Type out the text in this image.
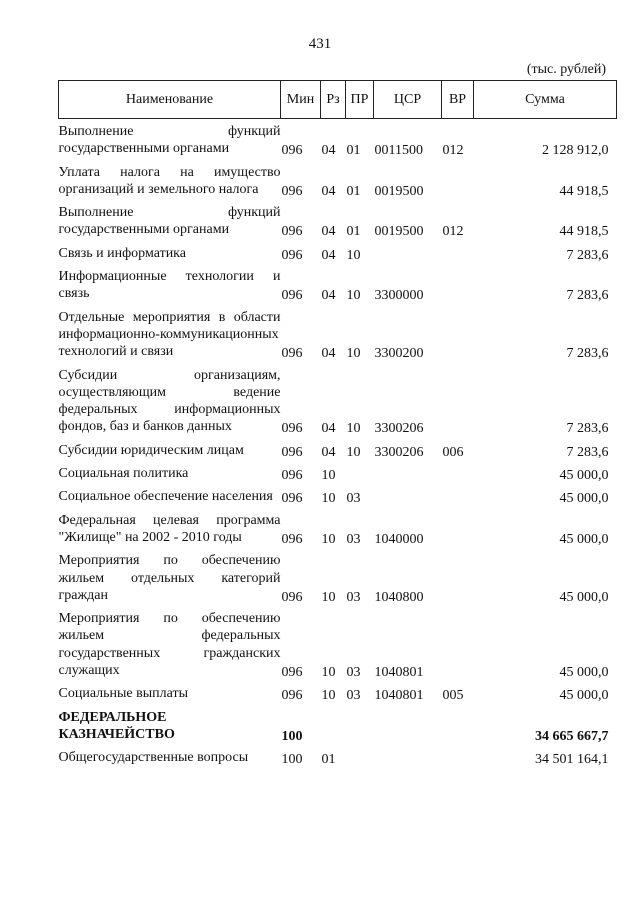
431
(тыс. рублей)
Наименование	Мин	Рз	ПР	ЦСР	ВР	Сумма
Выполнение функций государственными органами	096	04	01	0011500	012	2 128 912,0
Уплата налога на имущество организаций и земельного налога	096	04	01	0019500		44 918,5
Выполнение функций государственными органами	096	04	01	0019500	012	44 918,5
Связь и информатика	096	04	10			7 283,6
Информационные технологии и связь	096	04	10	3300000		7 283,6
Отдельные мероприятия в области информационно-коммуникационных технологий и связи	096	04	10	3300200		7 283,6
Субсидии организациям, осуществляющим ведение федеральных информационных фондов, баз и банков данных	096	04	10	3300206		7 283,6
Субсидии юридическим лицам	096	04	10	3300206	006	7 283,6
Социальная политика	096	10				45 000,0
Социальное обеспечение населения	096	10	03			45 000,0
Федеральная целевая программа "Жилище" на 2002 - 2010 годы	096	10	03	1040000		45 000,0
Мероприятия по обеспечению жильем отдельных категорий граждан	096	10	03	1040800		45 000,0
Мероприятия по обеспечению жильем федеральных государственных гражданских служащих	096	10	03	1040801		45 000,0
Социальные выплаты	096	10	03	1040801	005	45 000,0
ФЕДЕРАЛЬНОЕ КАЗНАЧЕЙСТВО	100					34 665 667,7
Общегосударственные вопросы	100	01				34 501 164,1
